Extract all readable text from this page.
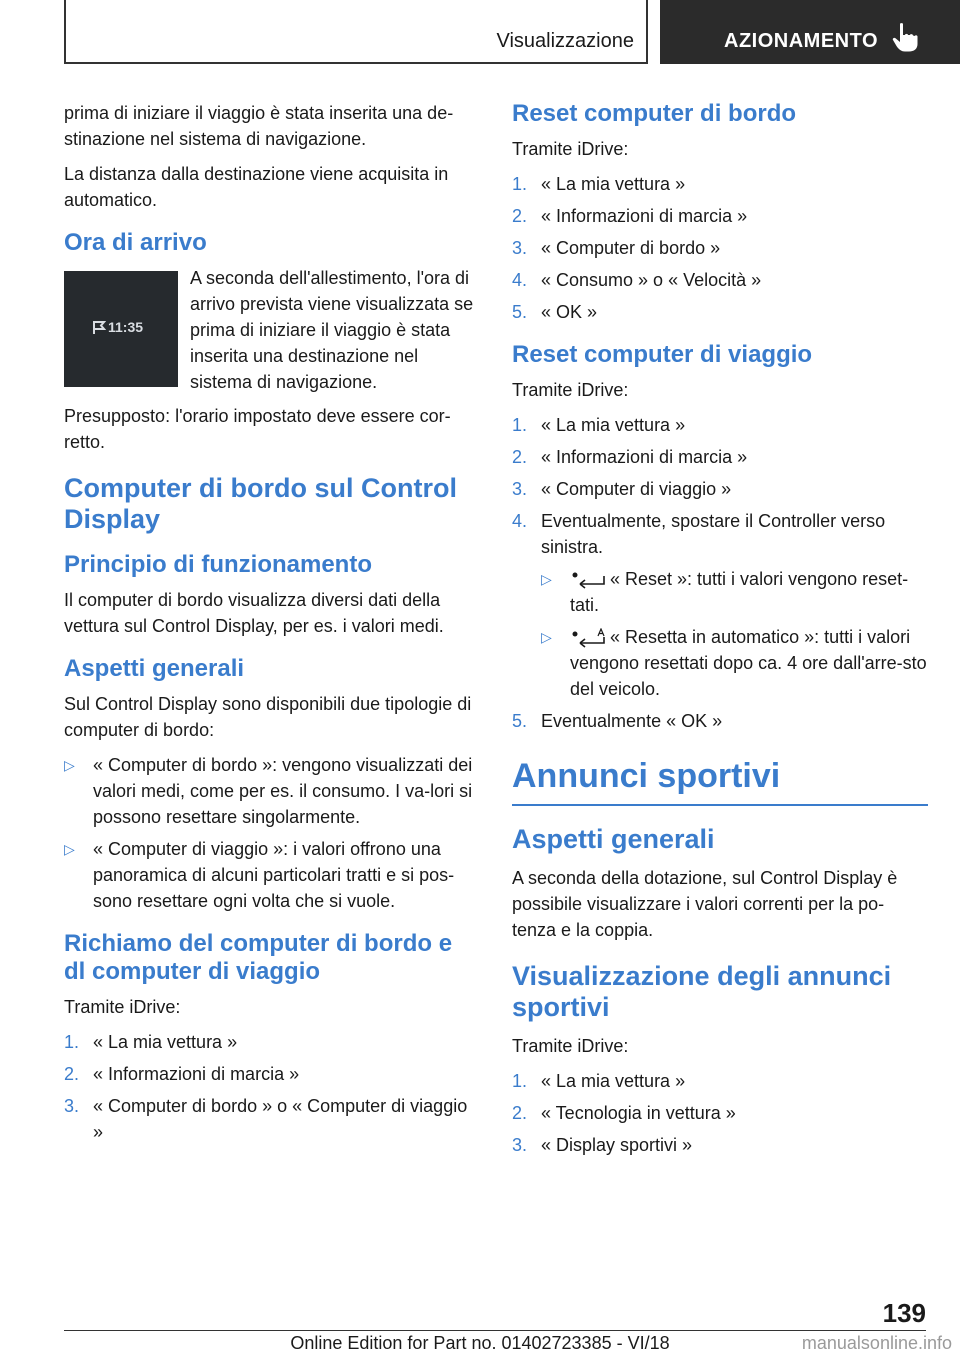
Visualizzazione	AZIONAMENTO

prima di iniziare il viaggio è stata inserita una de-stinazione nel sistema di navigazione.

La distanza dalla destinazione viene acquisita in automatico.

Ora di arrivo
11:35

A seconda dell'allestimento, l'ora di arrivo prevista viene visualizzata se prima di iniziare il viaggio è stata inserita una destinazione nel sistema di navigazione.

Presupposto: l'orario impostato deve essere cor-retto.

Computer di bordo sul Control Display
Principio di funzionamento

Il computer di bordo visualizza diversi dati della vettura sul Control Display, per es. i valori medi.

Aspetti generali

Sul Control Display sono disponibili due tipologie di computer di bordo:

▷ « Computer di bordo »: vengono visualizzati dei valori medi, come per es. il consumo. I va-lori si possono resettare singolarmente.
▷ « Computer di viaggio »: i valori offrono una panoramica di alcuni particolari tratti e si pos-sono resettare ogni volta che si vuole.
Richiamo del computer di bordo e dl computer di viaggio

Tramite iDrive:

1. « La mia vettura »
2. « Informazioni di marcia »
3. « Computer di bordo » o « Computer di viaggio »
Reset computer di bordo

Tramite iDrive:

1. « La mia vettura »
2. « Informazioni di marcia »
3. « Computer di bordo »
4. « Consumo » o « Velocità »
5. « OK »
Reset computer di viaggio

Tramite iDrive:

1. « La mia vettura »
2. « Informazioni di marcia »
3. « Computer di viaggio »
4. Eventualmente, spostare il Controller verso sinistra.
▷	« Reset »: tutti i valori vengono reset-tati.
▷	« Resetta in automatico »: tutti i valori vengono resettati dopo ca. 4 ore dall'arre-sto del veicolo.
5. Eventualmente « OK »
Annunci sportivi
Aspetti generali

A seconda della dotazione, sul Control Display è possibile visualizzare i valori correnti per la po-tenza e la coppia.

Visualizzazione degli annunci sportivi

Tramite iDrive:

1. « La mia vettura »
2. « Tecnologia in vettura »
3. « Display sportivi »
139
Online Edition for Part no. 01402723385 - VI/18	manualsonline.info
